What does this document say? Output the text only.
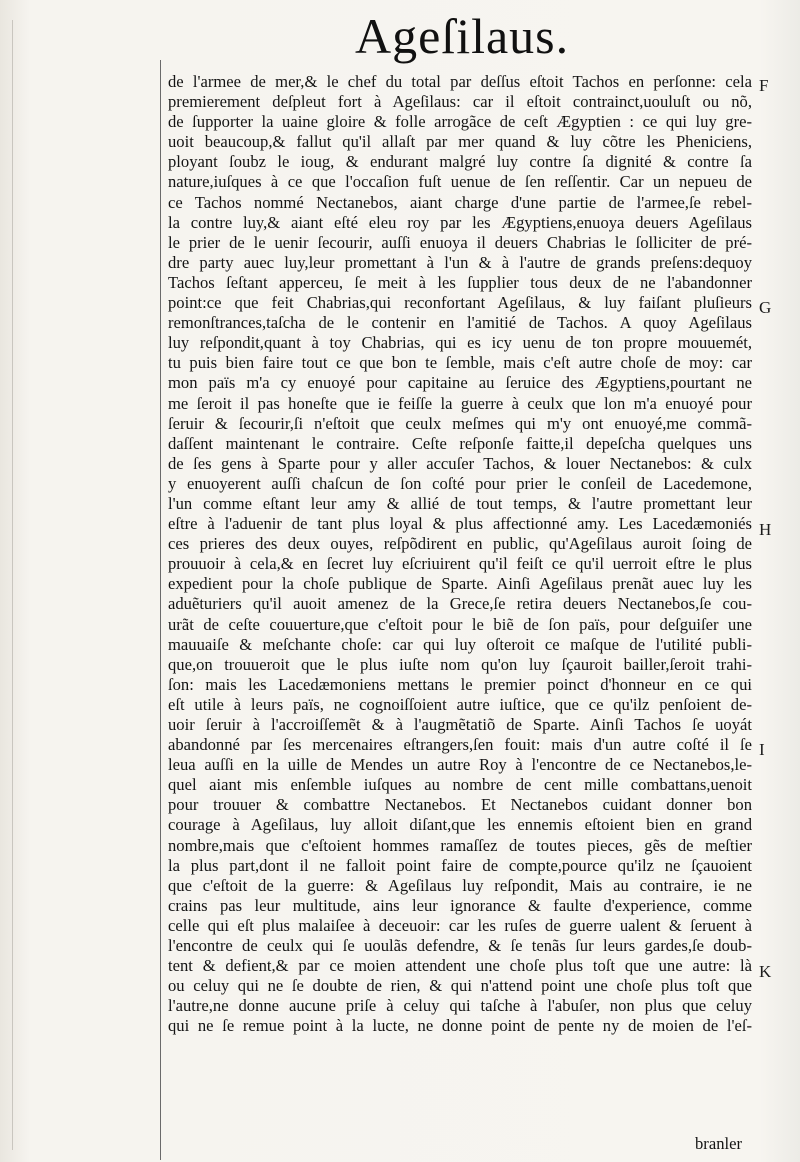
Ageſilaus.
F
G
H
I
K
de l'armee de mer,& le chef du total par deſſus eſtoit Tachos en perſonne: cela
premierement deſpleut fort à Ageſilaus: car il eſtoit contrainct,uouluſt ou nõ,
de ſupporter la uaine gloire & folle arrogãce de ceſt Ægyptien : ce qui luy gre-
uoit beaucoup,& fallut qu'il allaſt par mer quand & luy cõtre les Pheniciens,
ployant ſoubz le ioug, & endurant malgré luy contre ſa dignité & contre ſa
nature,iuſques à ce que l'occaſion fuſt uenue de ſen reſſentir. Car un nepueu de
ce Tachos nommé Nectanebos, aiant charge d'une partie de l'armee,ſe rebel-
la contre luy,& aiant eſté eleu roy par les Ægyptiens,enuoya deuers Ageſilaus
le prier de le uenir ſecourir, auſſi enuoya il deuers Chabrias le ſolliciter de pré-
dre party auec luy,leur promettant à l'un & à l'autre de grands preſens:dequoy
Tachos ſeſtant apperceu, ſe meit à les ſupplier tous deux de ne l'abandonner
point:ce que feit Chabrias,qui reconfortant Ageſilaus, & luy faiſant pluſieurs
remonſtrances,taſcha de le contenir en l'amitié de Tachos. A quoy Ageſilaus
luy reſpondit,quant à toy Chabrias, qui es icy uenu de ton propre mouuemét,
tu puis bien faire tout ce que bon te ſemble, mais c'eſt autre choſe de moy: car
mon païs m'a cy enuoyé pour capitaine au ſeruice des Ægyptiens,pourtant ne
me ſeroit il pas honeſte que ie feiſſe la guerre à ceulx que lon m'a enuoyé pour
ſeruir & ſecourir,ſi n'eſtoit que ceulx meſmes qui m'y ont enuoyé,me commã-
daſſent maintenant le contraire. Ceſte reſponſe faitte,il depeſcha quelques uns
de ſes gens à Sparte pour y aller accuſer Tachos, & louer Nectanebos: & culx
y enuoyerent auſſi chaſcun de ſon coſté pour prier le conſeil de Lacedemone,
l'un comme eſtant leur amy & allié de tout temps, & l'autre promettant leur
eſtre à l'aduenir de tant plus loyal & plus affectionné amy. Les Lacedæmoniés
ces prieres des deux ouyes, reſpõdirent en public, qu'Ageſilaus auroit ſoing de
prouuoir à cela,& en ſecret luy eſcriuirent qu'il feiſt ce qu'il uerroit eſtre le plus
expedient pour la choſe publique de Sparte. Ainſi Ageſilaus prenãt auec luy les
aduẽturiers qu'il auoit amenez de la Grece,ſe retira deuers Nectanebos,ſe cou-
urãt de ceſte couuerture,que c'eſtoit pour le biẽ de ſon païs, pour deſguiſer une
mauuaiſe & meſchante choſe: car qui luy oſteroit ce maſque de l'utilité publi-
que,on trouueroit que le plus iuſte nom qu'on luy ſçauroit bailler,ſeroit trahi-
ſon: mais les Lacedæmoniens mettans le premier poinct d'honneur en ce qui
eſt utile à leurs païs, ne cognoiſſoient autre iuſtice, que ce qu'ilz penſoient de-
uoir ſeruir à l'accroiſſemẽt & à l'augmẽtatiõ de Sparte. Ainſi Tachos ſe uoyát
abandonné par ſes mercenaires eſtrangers,ſen fouit: mais d'un autre coſté il ſe
leua auſſi en la uille de Mendes un autre Roy à l'encontre de ce Nectanebos,le-
quel aiant mis enſemble iuſques au nombre de cent mille combattans,uenoit
pour trouuer & combattre Nectanebos. Et Nectanebos cuidant donner bon
courage à Ageſilaus, luy alloit diſant,que les ennemis eſtoient bien en grand
nombre,mais que c'eſtoient hommes ramaſſez de toutes pieces, gẽs de meſtier
la plus part,dont il ne falloit point faire de compte,pource qu'ilz ne ſçauoient
que c'eſtoit de la guerre: & Ageſilaus luy reſpondit, Mais au contraire, ie ne
crains pas leur multitude, ains leur ignorance & faulte d'experience, comme
celle qui eſt plus malaiſee à deceuoir: car les ruſes de guerre ualent & ſeruent à
l'encontre de ceulx qui ſe uoulãs defendre, & ſe tenãs ſur leurs gardes,ſe doub-
tent & defient,& par ce moien attendent une choſe plus toſt que une autre: là
ou celuy qui ne ſe doubte de rien, & qui n'attend point une choſe plus toſt que
l'autre,ne donne aucune priſe à celuy qui taſche à l'abuſer, non plus que celuy
qui ne ſe remue point à la lucte, ne donne point de pente ny de moien de l'eſ-
branler
